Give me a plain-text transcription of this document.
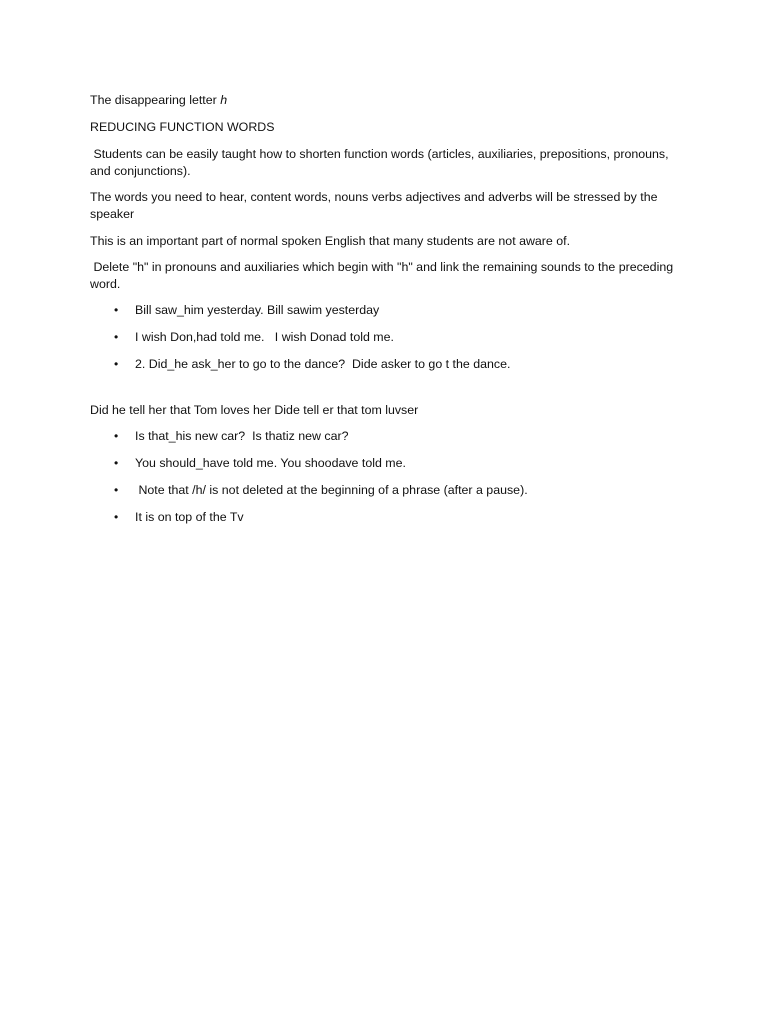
The disappearing letter h

REDUCING FUNCTION WORDS

Students can be easily taught how to shorten function words (articles, auxiliaries, prepositions, pronouns, and conjunctions).

The words you need to hear, content words, nouns verbs adjectives and adverbs will be stressed by the speaker

This is an important part of normal spoken English that many students are not aware of.

Delete "h" in pronouns and auxiliaries which begin with "h" and link the remaining sounds to the preceding word.

• Bill saw_him yesterday. Bill sawim yesterday
• I wish Don,had told me.   I wish Donad told me.
• 2. Did_he ask_her to go to the dance?  Dide asker to go t the dance.

Did he tell her that Tom loves her Dide tell er that tom luvser

• Is that_his new car?  Is thatiz new car?
• You should_have told me. You shoodave told me.
• Note that /h/ is not deleted at the beginning of a phrase (after a pause).
• It is on top of the Tv
